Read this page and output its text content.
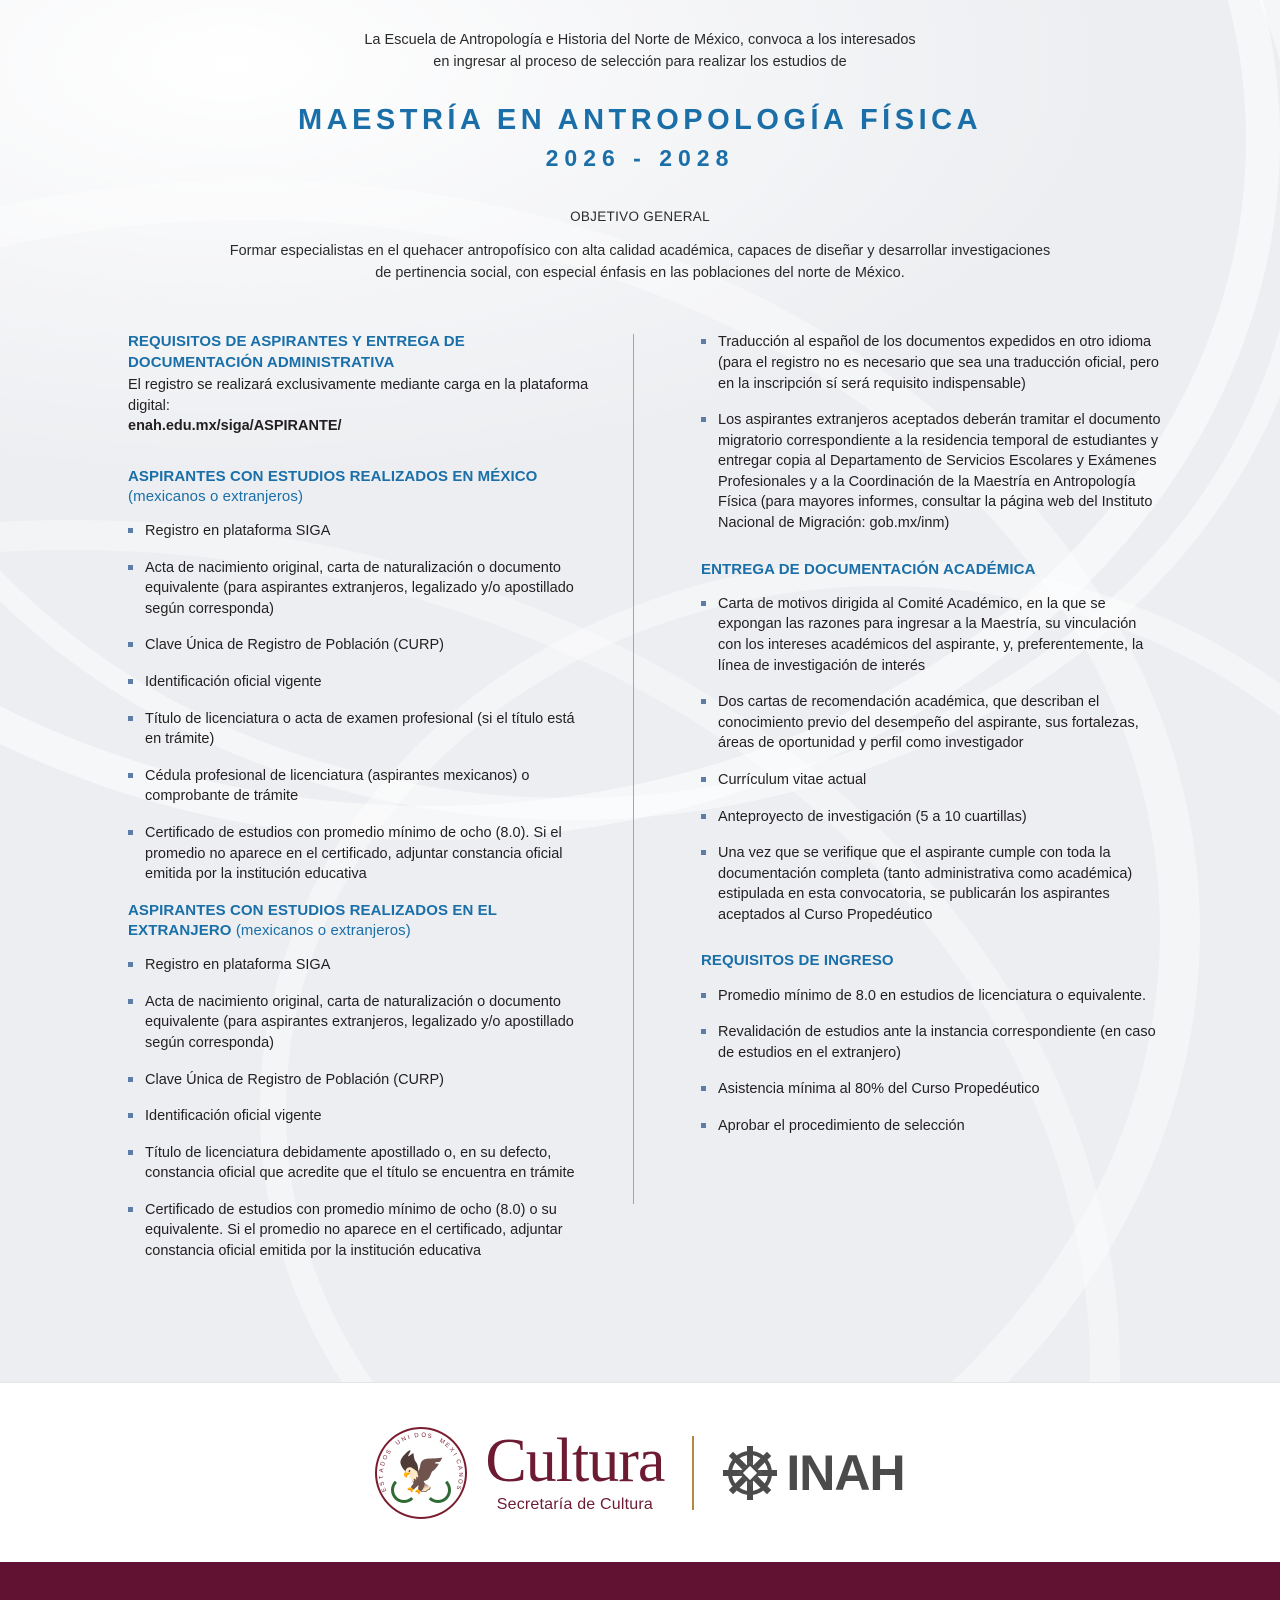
La Escuela de Antropología e Historia del Norte de México, convoca a los interesados
en ingresar al proceso de selección para realizar los estudios de
MAESTRÍA EN ANTROPOLOGÍA FÍSICA
2026 - 2028
OBJETIVO GENERAL
Formar especialistas en el quehacer antropofísico con alta calidad académica, capaces de diseñar y desarrollar investigaciones
de pertinencia social, con especial énfasis en las poblaciones del norte de México.
REQUISITOS DE ASPIRANTES Y ENTREGA DE
DOCUMENTACIÓN ADMINISTRATIVA

El registro se realizará exclusivamente mediante carga en la plataforma digital:

enah.edu.mx/siga/ASPIRANTE/

ASPIRANTES CON ESTUDIOS REALIZADOS EN MÉXICO
(mexicanos o extranjeros)
Registro en plataforma SIGA
Acta de nacimiento original, carta de naturalización o documento equivalente (para aspirantes extranjeros, legalizado y/o apostillado según corresponda)
Clave Única de Registro de Población (CURP)
Identificación oficial vigente
Título de licenciatura o acta de examen profesional (si el título está en trámite)
Cédula profesional de licenciatura (aspirantes mexicanos) o comprobante de trámite
Certificado de estudios con promedio mínimo de ocho (8.0). Si el promedio no aparece en el certificado, adjuntar constancia oficial emitida por la institución educativa
ASPIRANTES CON ESTUDIOS REALIZADOS EN EL
EXTRANJERO (mexicanos o extranjeros)
Registro en plataforma SIGA
Acta de nacimiento original, carta de naturalización o documento equivalente (para aspirantes extranjeros, legalizado y/o apostillado según corresponda)
Clave Única de Registro de Población (CURP)
Identificación oficial vigente
Título de licenciatura debidamente apostillado o, en su defecto, constancia oficial que acredite que el título se encuentra en trámite
Certificado de estudios con promedio mínimo de ocho (8.0) o su equivalente. Si el promedio no aparece en el certificado, adjuntar constancia oficial emitida por la institución educativa
Traducción al español de los documentos expedidos en otro idioma (para el registro no es necesario que sea una traducción oficial, pero en la inscripción sí será requisito indispensable)
Los aspirantes extranjeros aceptados deberán tramitar el documento migratorio correspondiente a la residencia temporal de estudiantes y entregar copia al Departamento de Servicios Escolares y Exámenes Profesionales y a la Coordinación de la Maestría en Antropología Física (para mayores informes, consultar la página web del Instituto Nacional de Migración: gob.mx/inm)
ENTREGA DE DOCUMENTACIÓN ACADÉMICA
Carta de motivos dirigida al Comité Académico, en la que se expongan las razones para ingresar a la Maestría, su vinculación con los intereses académicos del aspirante, y, preferentemente, la línea de investigación de interés
Dos cartas de recomendación académica, que describan el conocimiento previo del desempeño del aspirante, sus fortalezas, áreas de oportunidad y perfil como investigador
Currículum vitae actual
Anteproyecto de investigación (5 a 10 cuartillas)
Una vez que se verifique que el aspirante cumple con toda la documentación completa (tanto administrativa como académica) estipulada en esta convocatoria, se publicarán los aspirantes aceptados al Curso Propedéutico
REQUISITOS DE INGRESO
Promedio mínimo de 8.0 en estudios de licenciatura o equivalente.
Revalidación de estudios ante la instancia correspondiente (en caso de estudios en el extranjero)
Asistencia mínima al 80% del Curso Propedéutico
Aprobar el procedimiento de selección
E
S
T
A
D
O
S
U
N I D O S
M
E
X
I
C
A
N
O
S
🦅 Cultura
Secretaría de Cultura
INAH
